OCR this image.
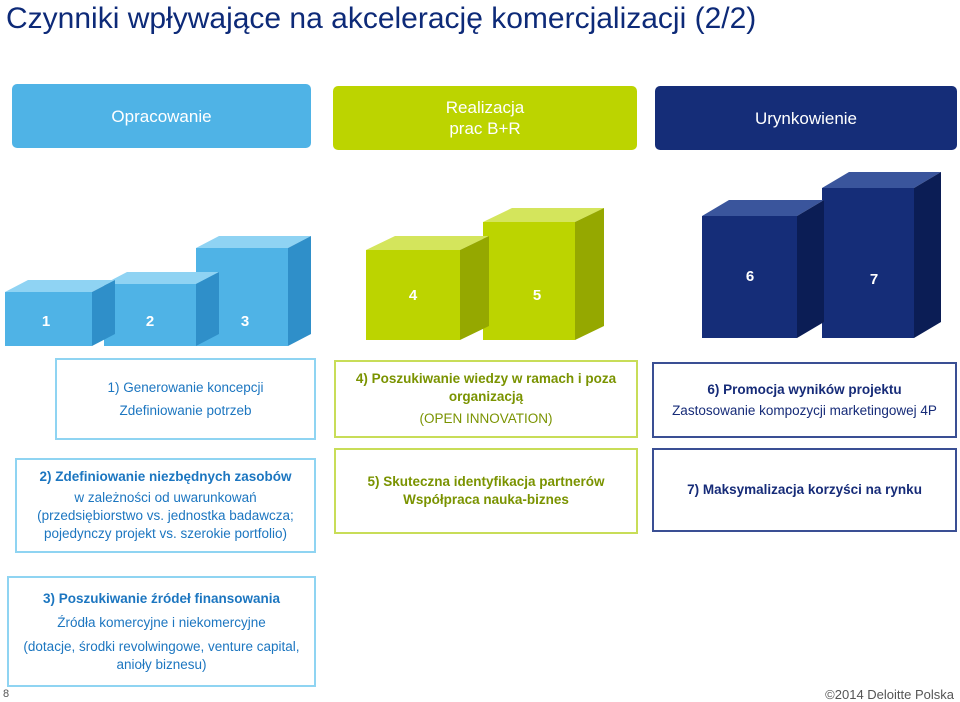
Czynniki wpływające na akcelerację komercjalizacji (2/2)
Opracowanie	Realizacja
prac B+R
Urynkowienie
1	2	3
4	5
6	7
1) Generowanie koncepcji
Zdefiniowanie potrzeb
4) Poszukiwanie wiedzy w ramach i poza organizacją
(OPEN INNOVATION)
6) Promocja wyników projektu
Zastosowanie kompozycji marketingowej 4P
2) Zdefiniowanie niezbędnych zasobów
w zależności od uwarunkowań
(przedsiębiorstwo vs. jednostka badawcza;
pojedynczy projekt vs. szerokie portfolio)
5) Skuteczna identyfikacja partnerów
Współpraca nauka-biznes
7) Maksymalizacja korzyści na rynku
3) Poszukiwanie źródeł finansowania
Źródła komercyjne i niekomercyjne
(dotacje, środki revolwingowe, venture capital, anioły biznesu)
8	©2014 Deloitte Polska
